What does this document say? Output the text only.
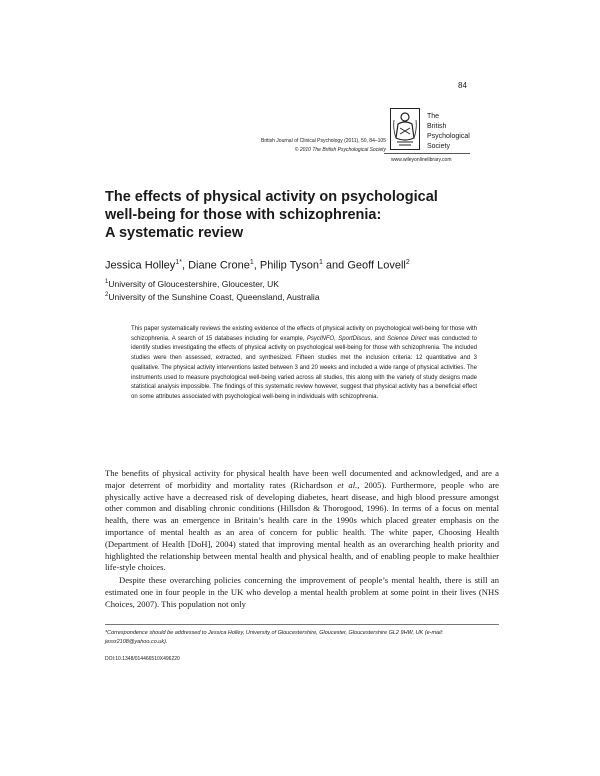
84
British Journal of Clinical Psychology (2011), 50, 84–105
© 2010 The British Psychological Society
The
British
Psychological
Society
www.wileyonlinelibrary.com
The effects of physical activity on psychological
well-being for those with schizophrenia:
A systematic review
Jessica Holley$^{1*}$, Diane Crone$^1$, Philip Tyson$^1$ and Geoff Lovell$^2$
$^1$University of Gloucestershire, Gloucester, UK
$^2$University of the Sunshine Coast, Queensland, Australia
This paper systematically reviews the existing evidence of the effects of physical activity on psychological well-being for those with schizophrenia. A search of 15 databases including for example, PsycINFO, SportDiscus, and Science Direct was conducted to identify studies investigating the effects of physical activity on psychological well-being for those with schizophrenia. The included studies were then assessed, extracted, and synthesized. Fifteen studies met the inclusion criteria: 12 quantitative and 3 qualitative. The physical activity interventions lasted between 3 and 20 weeks and included a wide range of physical activities. The instruments used to measure psychological well-being varied across all studies, this along with the variety of study designs made statistical analysis impossible. The findings of this systematic review however, suggest that physical activity has a beneficial effect on some attributes associated with psychological well-being in individuals with schizophrenia.
The benefits of physical activity for physical health have been well documented and acknowledged, and are a major deterrent of morbidity and mortality rates (Richardson et al., 2005). Furthermore, people who are physically active have a decreased risk of developing diabetes, heart disease, and high blood pressure amongst other common and disabling chronic conditions (Hillsdon & Thorogood, 1996). In terms of a focus on mental health, there was an emergence in Britain’s health care in the 1990s which placed greater emphasis on the importance of mental health as an area of concern for public health. The white paper, Choosing Health (Department of Health [DoH], 2004) stated that improving mental health as an overarching health priority and highlighted the relationship between mental health and physical health, and of enabling people to make healthier life-style choices.
Despite these overarching policies concerning the improvement of people’s mental health, there is still an estimated one in four people in the UK who develop a mental health problem at some point in their lives (NHS Choices, 2007). This population not only
*Correspondence should be addressed to Jessica Holley, University of Gloucestershire, Gloucester, Gloucestershire GL2 9HW, UK (e-mail: jessr2108@yahoo.co.uk).
DOI:10.1348/014466510X496220
